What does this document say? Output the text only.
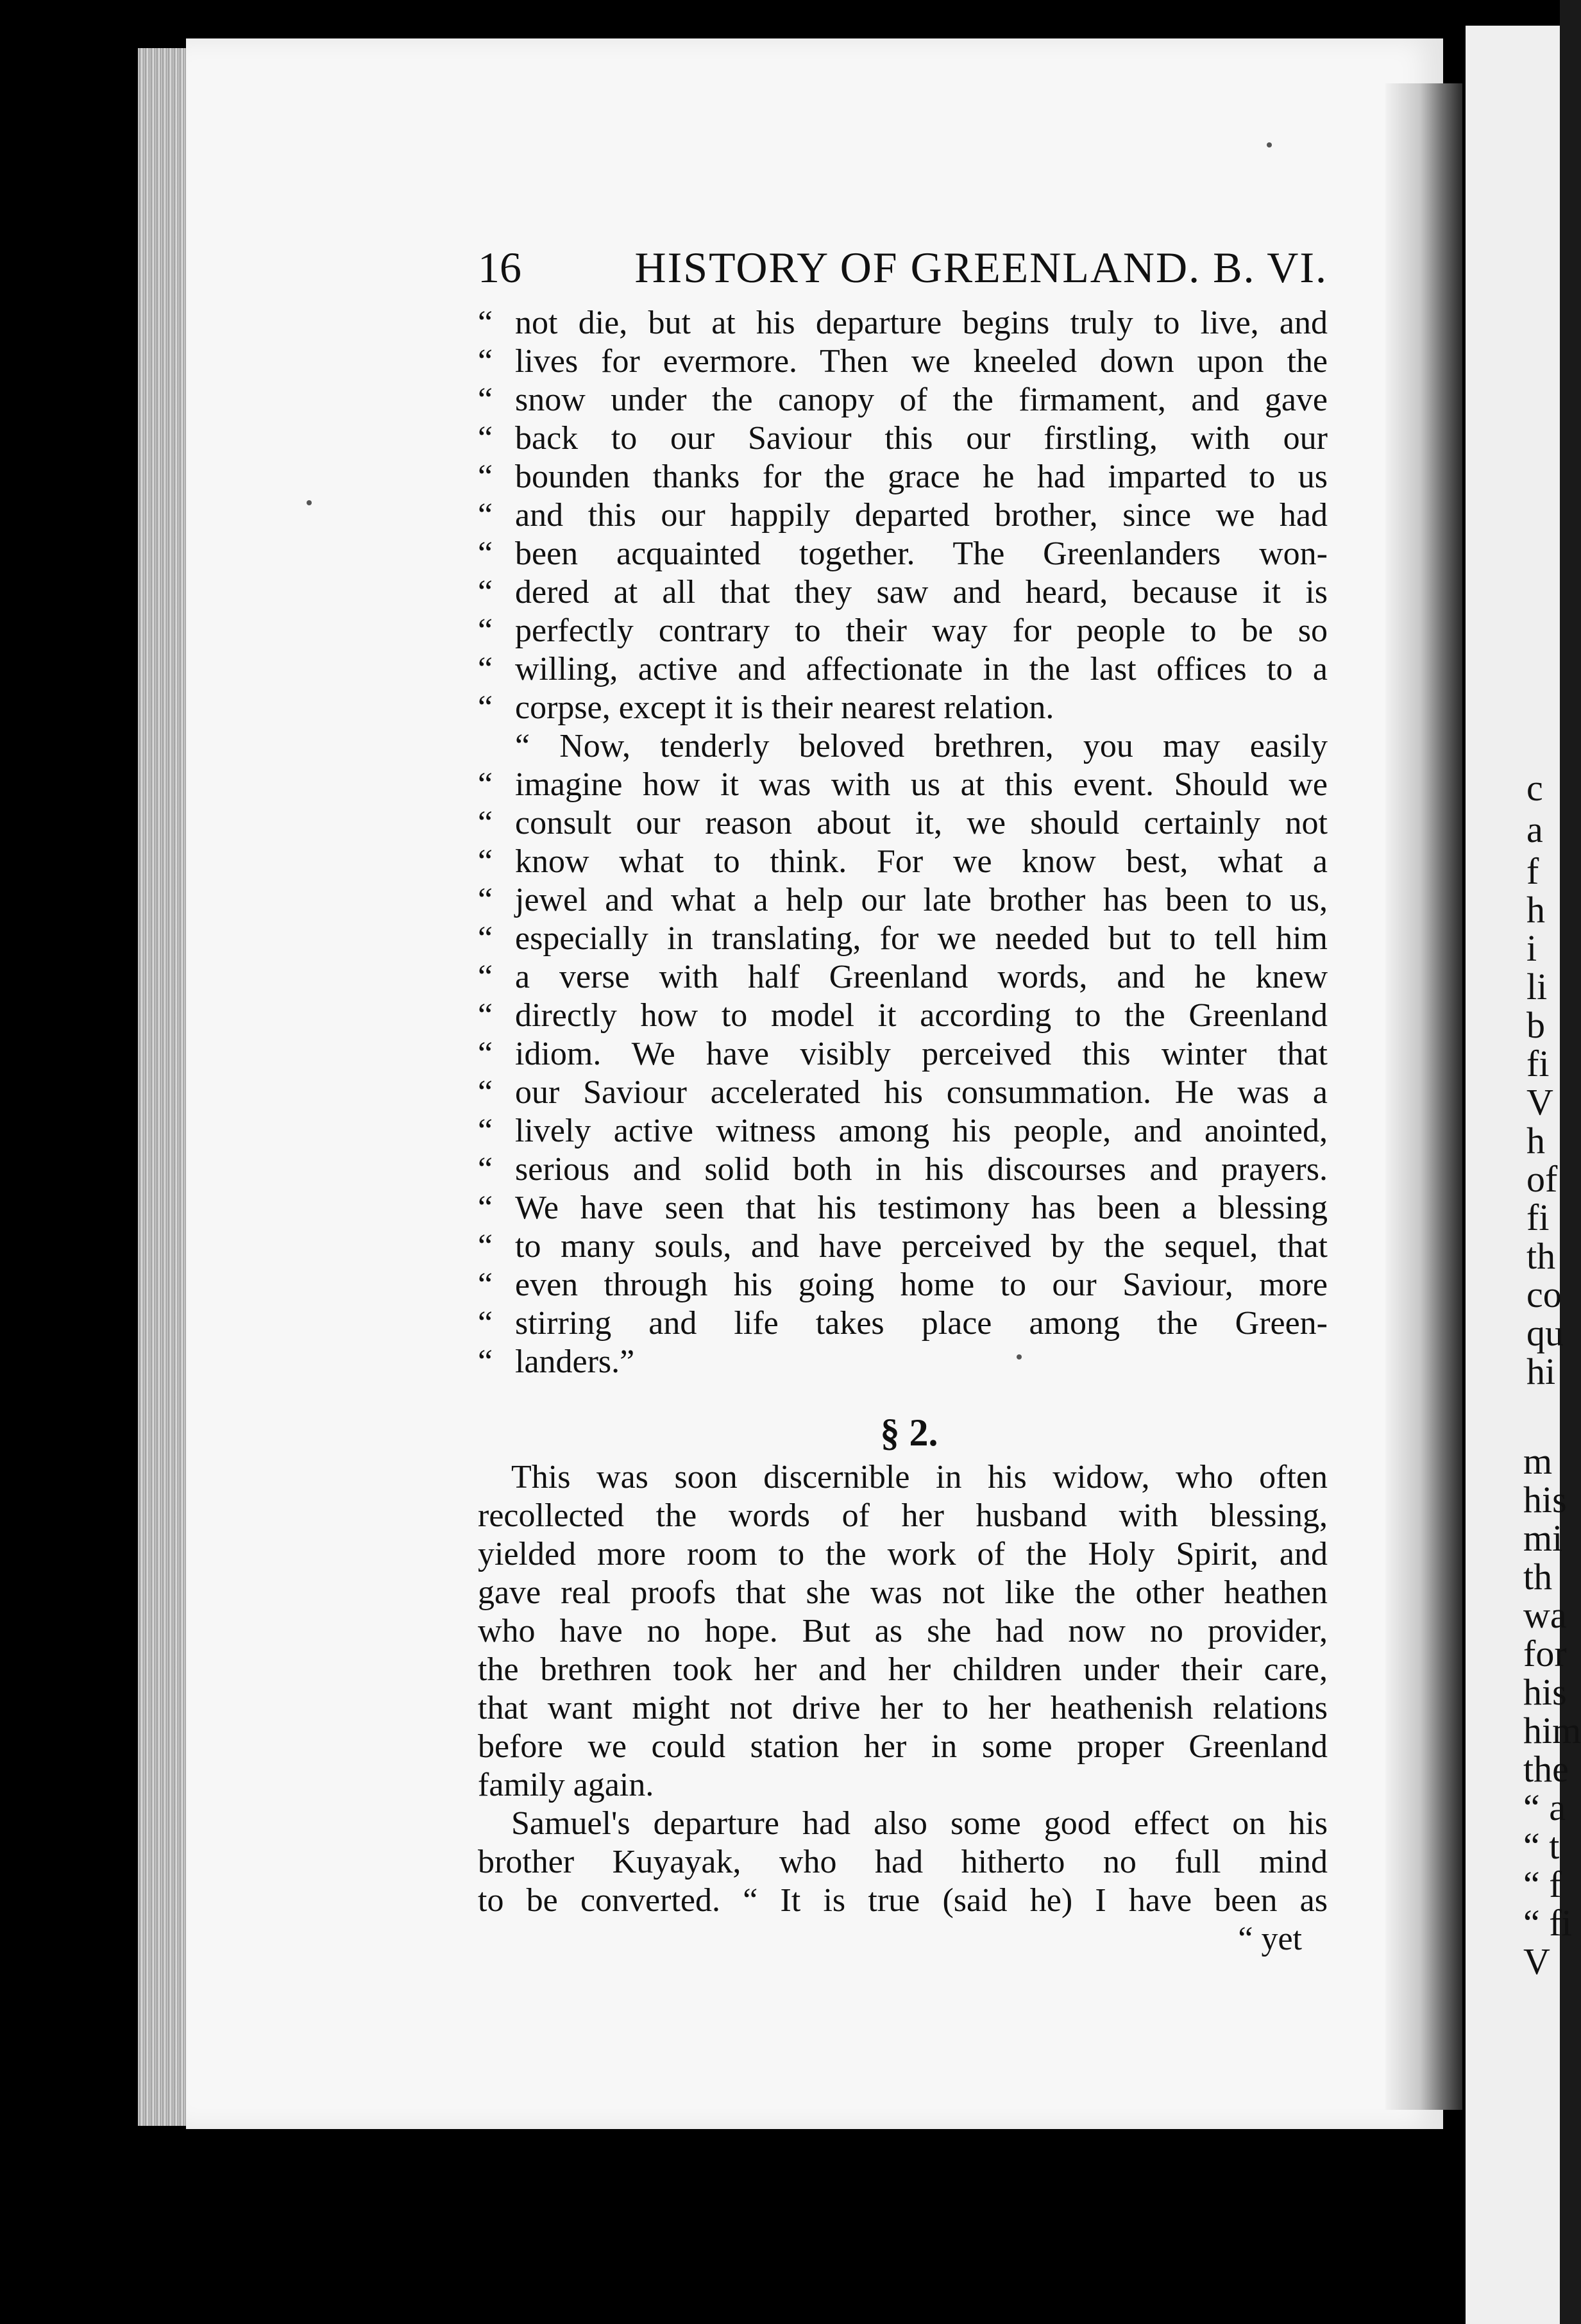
c
a
f
h
i
li
b
fi
V
h
of
fi
th
co
qu
hi
m
his
mi
th
wa
for
his
him
the
“ a
“ t
“ f
“ fi
V
16	HISTORY OF GREENLAND. B. VI.
“ not die, but at his departure begins truly to live, and
“ lives for evermore. Then we kneeled down upon the
“ snow under the canopy of the firmament, and gave
“ back to our Saviour this our firstling, with our
“ bounden thanks for the grace he had imparted to us
“ and this our happily departed brother, since we had
“ been acquainted together. The Greenlanders won-
“ dered at all that they saw and heard, because it is
“ perfectly contrary to their way for people to be so
“ willing, active and affectionate in the last offices to a
“ corpse, except it is their nearest relation.
“ Now, tenderly beloved brethren, you may easily
“ imagine how it was with us at this event. Should we
“ consult our reason about it, we should certainly not
“ know what to think. For we know best, what a
“ jewel and what a help our late brother has been to us,
“ especially in translating, for we needed but to tell him
“ a verse with half Greenland words, and he knew
“ directly how to model it according to the Greenland
“ idiom. We have visibly perceived this winter that
“ our Saviour accelerated his consummation. He was a
“ lively active witness among his people, and anointed,
“ serious and solid both in his discourses and prayers.
“ We have seen that his testimony has been a blessing
“ to many souls, and have perceived by the sequel, that
“ even through his going home to our Saviour, more
“ stirring and life takes place among the Green-
“ landers.”
§ 2.
This was soon discernible in his widow, who often
recollected the words of her husband with blessing,
yielded more room to the work of the Holy Spirit, and
gave real proofs that she was not like the other heathen
who have no hope. But as she had now no provider,
the brethren took her and her children under their care,
that want might not drive her to her heathenish relations
before we could station her in some proper Greenland
family again.
Samuel's departure had also some good effect on his
brother Kuyayak, who had hitherto no full mind
to be converted. “ It is true (said he) I have been as
“ yet
